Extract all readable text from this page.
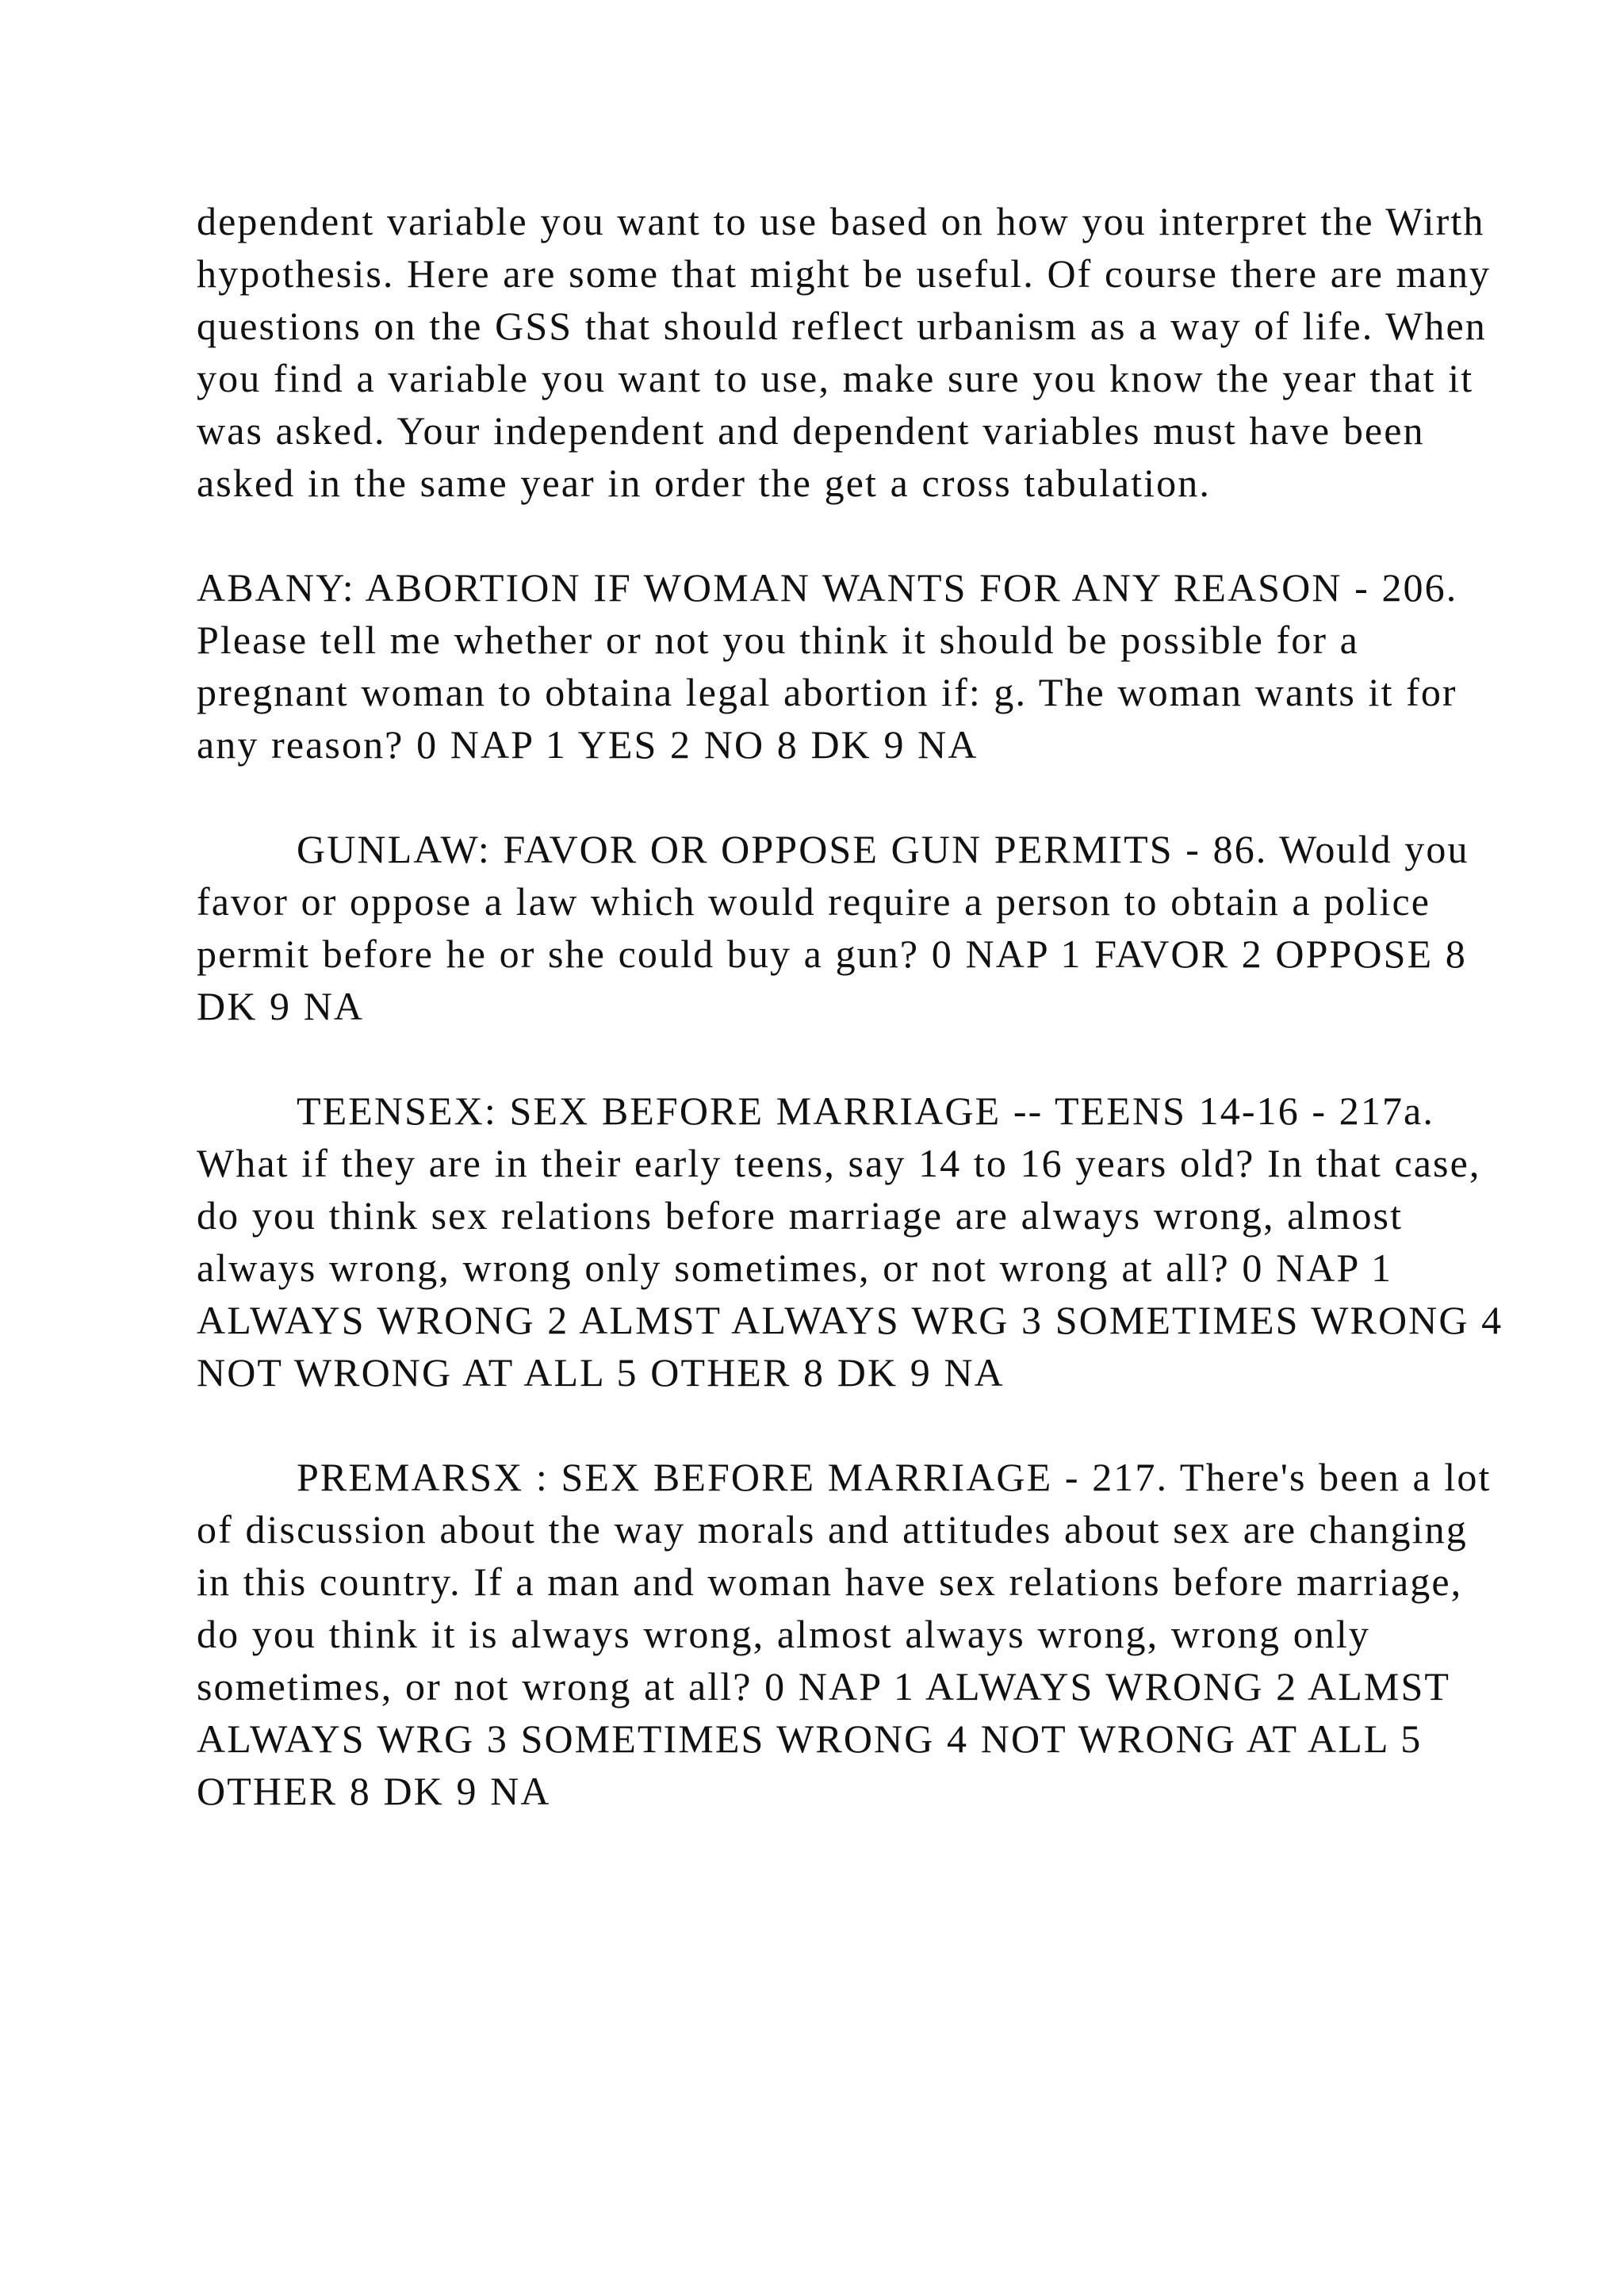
dependent variable you want to use based on how you interpret the Wirth hypothesis. Here are some that might be useful. Of course there are many questions on the GSS that should reflect urbanism as a way of life. When you find a variable you want to use, make sure you know the year that it was asked. Your independent and dependent variables must have been asked in the same year in order the get a cross tabulation.

ABANY: ABORTION IF WOMAN WANTS FOR ANY REASON - 206. Please tell me whether or not you think it should be possible for a pregnant woman to obtaina legal abortion if: g. The woman wants it for any reason? 0 NAP 1 YES 2 NO 8 DK 9 NA

GUNLAW: FAVOR OR OPPOSE GUN PERMITS - 86. Would you favor or oppose a law which would require a person to obtain a police permit before he or she could buy a gun? 0 NAP 1 FAVOR 2 OPPOSE 8 DK 9 NA

TEENSEX: SEX BEFORE MARRIAGE -- TEENS 14-16 - 217a. What if they are in their early teens, say 14 to 16 years old? In that case, do you think sex relations before marriage are always wrong, almost always wrong, wrong only sometimes, or not wrong at all? 0 NAP 1 ALWAYS WRONG 2 ALMST ALWAYS WRG 3 SOMETIMES WRONG 4 NOT WRONG AT ALL 5 OTHER 8 DK 9 NA

PREMARSX : SEX BEFORE MARRIAGE - 217. There's been a lot of discussion about the way morals and attitudes about sex are changing in this country. If a man and woman have sex relations before marriage, do you think it is always wrong, almost always wrong, wrong only sometimes, or not wrong at all? 0 NAP 1 ALWAYS WRONG 2 ALMST ALWAYS WRG 3 SOMETIMES WRONG 4 NOT WRONG AT ALL 5 OTHER 8 DK 9 NA
